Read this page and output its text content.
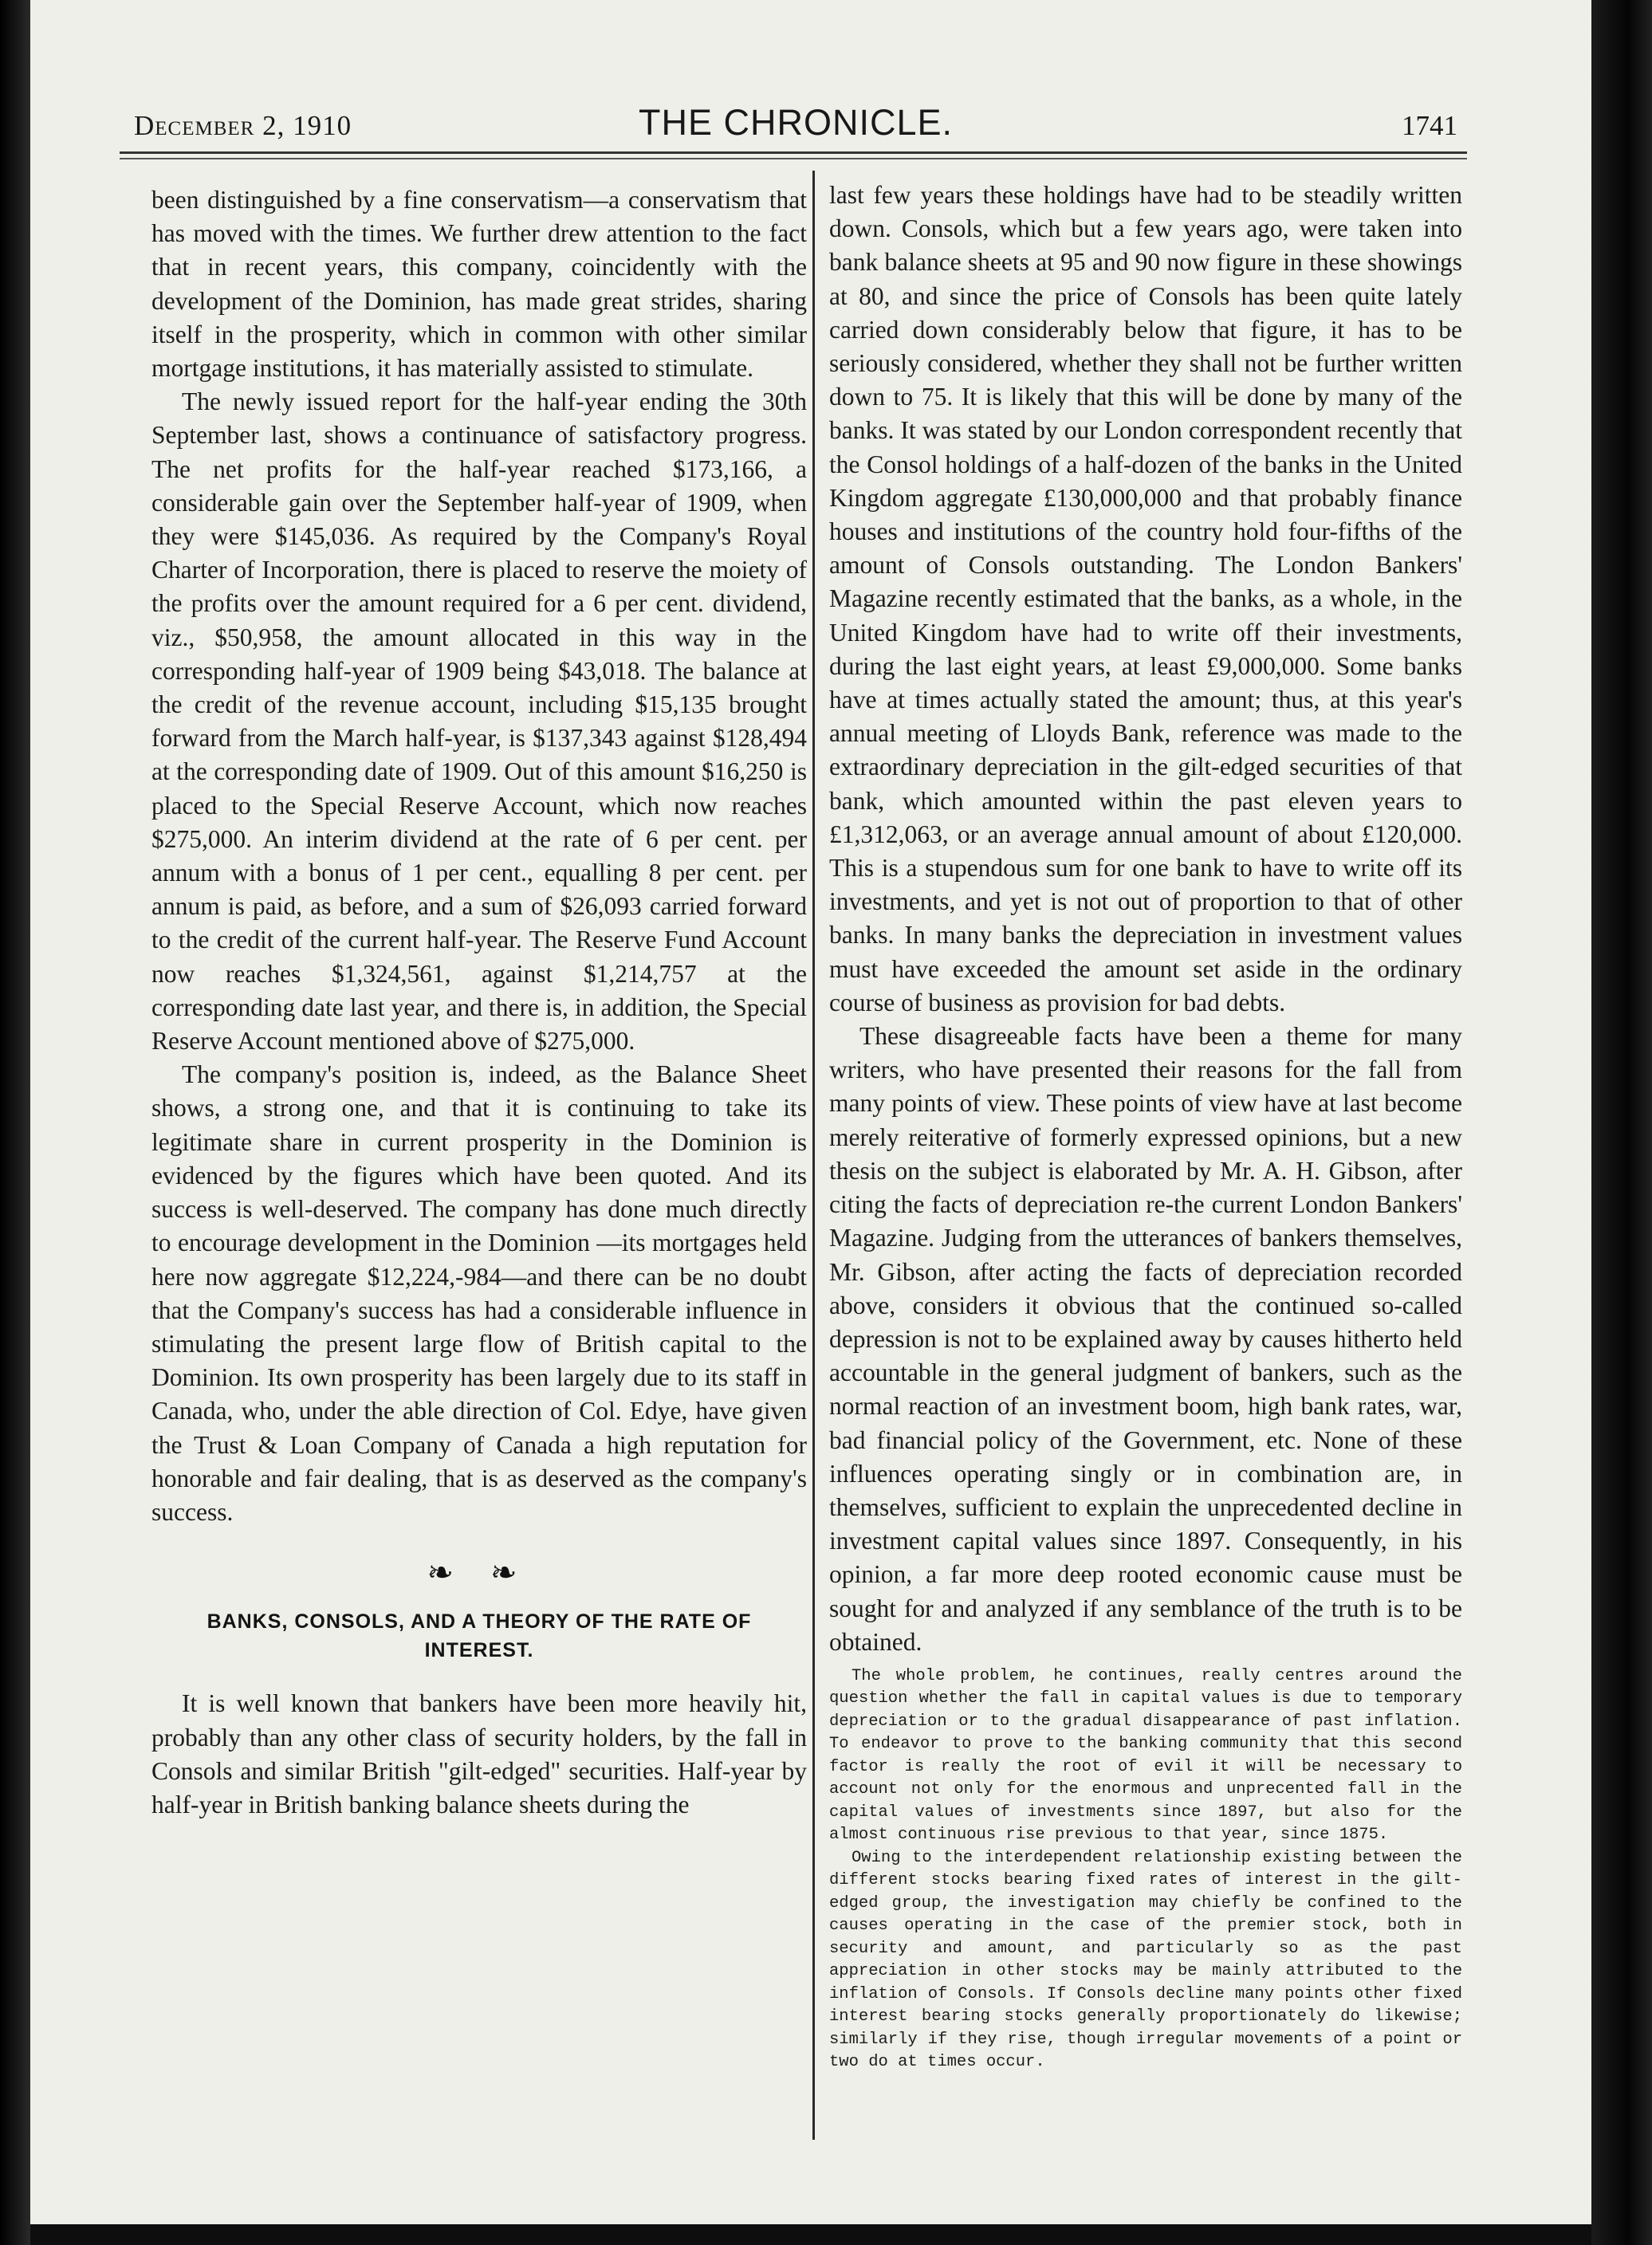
December 2, 1910	THE CHRONICLE.	1741

been distinguished by a fine conservatism—a conservatism that has moved with the times. We further drew attention to the fact that in recent years, this company, coincidently with the development of the Dominion, has made great strides, sharing itself in the prosperity, which in common with other similar mortgage institutions, it has materially assisted to stimulate.

The newly issued report for the half-year ending the 30th September last, shows a continuance of satisfactory progress. The net profits for the half-year reached $173,166, a considerable gain over the September half-year of 1909, when they were $145,036. As required by the Company's Royal Charter of Incorporation, there is placed to reserve the moiety of the profits over the amount required for a 6 per cent. dividend, viz., $50,958, the amount allocated in this way in the corresponding half-year of 1909 being $43,018. The balance at the credit of the revenue account, including $15,135 brought forward from the March half-year, is $137,343 against $128,494 at the corresponding date of 1909. Out of this amount $16,250 is placed to the Special Reserve Account, which now reaches $275,000. An interim dividend at the rate of 6 per cent. per annum with a bonus of 1 per cent., equalling 8 per cent. per annum is paid, as before, and a sum of $26,093 carried forward to the credit of the current half-year. The Reserve Fund Account now reaches $1,324,561, against $1,214,757 at the corresponding date last year, and there is, in addition, the Special Reserve Account mentioned above of $275,000.

The company's position is, indeed, as the Balance Sheet shows, a strong one, and that it is continuing to take its legitimate share in current prosperity in the Dominion is evidenced by the figures which have been quoted. And its success is well-deserved. The company has done much directly to encourage development in the Dominion —its mortgages held here now aggregate $12,224,-984—and there can be no doubt that the Company's success has had a considerable influence in stimulating the present large flow of British capital to the Dominion. Its own prosperity has been largely due to its staff in Canada, who, under the able direction of Col. Edye, have given the Trust & Loan Company of Canada a high reputation for honorable and fair dealing, that is as deserved as the company's success.

❧ ❧
BANKS, CONSOLS, AND A THEORY OF THE RATE OF INTEREST.

It is well known that bankers have been more heavily hit, probably than any other class of security holders, by the fall in Consols and similar British "gilt-edged" securities. Half-year by half-year in British banking balance sheets during the

last few years these holdings have had to be steadily written down. Consols, which but a few years ago, were taken into bank balance sheets at 95 and 90 now figure in these showings at 80, and since the price of Consols has been quite lately carried down considerably below that figure, it has to be seriously considered, whether they shall not be further written down to 75. It is likely that this will be done by many of the banks. It was stated by our London correspondent recently that the Consol holdings of a half-dozen of the banks in the United Kingdom aggregate £130,000,000 and that probably finance houses and institutions of the country hold four-fifths of the amount of Consols outstanding. The London Bankers' Magazine recently estimated that the banks, as a whole, in the United Kingdom have had to write off their investments, during the last eight years, at least £9,000,000. Some banks have at times actually stated the amount; thus, at this year's annual meeting of Lloyds Bank, reference was made to the extraordinary depreciation in the gilt-edged securities of that bank, which amounted within the past eleven years to £1,312,063, or an average annual amount of about £120,000. This is a stupendous sum for one bank to have to write off its investments, and yet is not out of proportion to that of other banks. In many banks the depreciation in investment values must have exceeded the amount set aside in the ordinary course of business as provision for bad debts.

These disagreeable facts have been a theme for many writers, who have presented their reasons for the fall from many points of view. These points of view have at last become merely reiterative of formerly expressed opinions, but a new thesis on the subject is elaborated by Mr. A. H. Gibson, after citing the facts of depreciation re-the current London Bankers' Magazine. Judging from the utterances of bankers themselves, Mr. Gibson, after acting the facts of depreciation recorded above, considers it obvious that the continued so-called depression is not to be explained away by causes hitherto held accountable in the general judgment of bankers, such as the normal reaction of an investment boom, high bank rates, war, bad financial policy of the Government, etc. None of these influences operating singly or in combination are, in themselves, sufficient to explain the unprecedented decline in investment capital values since 1897. Consequently, in his opinion, a far more deep rooted economic cause must be sought for and analyzed if any semblance of the truth is to be obtained.

The whole problem, he continues, really centres around the question whether the fall in capital values is due to temporary depreciation or to the gradual disappearance of past inflation. To endeavor to prove to the banking community that this second factor is really the root of evil it will be necessary to account not only for the enormous and unprecented fall in the capital values of investments since 1897, but also for the almost continuous rise previous to that year, since 1875.

Owing to the interdependent relationship existing between the different stocks bearing fixed rates of interest in the gilt-edged group, the investigation may chiefly be confined to the causes operating in the case of the premier stock, both in security and amount, and particularly so as the past appreciation in other stocks may be mainly attributed to the inflation of Consols. If Consols decline many points other fixed interest bearing stocks generally proportionately do likewise; similarly if they rise, though irregular movements of a point or two do at times occur.
